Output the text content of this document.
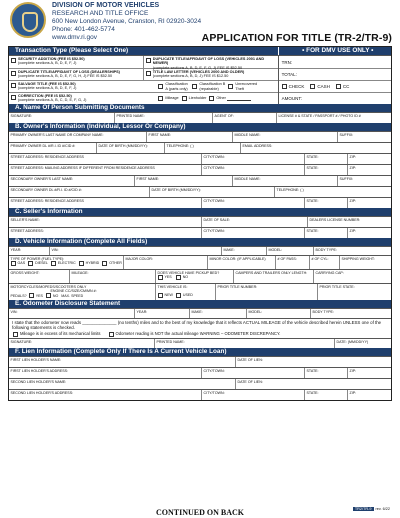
DIVISION OF MOTOR VEHICLES
RESEARCH AND TITLE OFFICE
600 New London Avenue, Cranston, RI 02920-3024
Phone: 401-462-5774
www.dmv.ri.gov	APPLICATION FOR TITLE (TR-2/TR-9)
Transaction Type (Please Select One)	• FOR DMV USE ONLY •
SECURITY ADDITION (FEE IS $52.50)
(complete sections A, B, D, E, F, J)
DUPLICATE TITLE/AFFIDAVIT OF LOSS (VEHICLES 2001 AND NEWER)
(complete sections A, B, D, E, F, G, J) FEE IS $52.50
DUPLICATE TITLE/AFFIDAVIT OF LOSS (DEALERSHIPS)
(complete sections A, B, D, E, F, G, H, J) FEE IS $52.50
TITLE LAW LETTER (VEHICLES 2000 AND OLDER)
(complete sections A, B, D, J) FEE IS $12.50
SALVAGE TITLE (FEE IS $52.50)
(complete sections A, B, D, E, F, J)
Classification A (parts only)
Classification B (repairable)
Unrecovered Theft
CORRECTION (FEE IS $52.50)
(complete sections A, B, C, D, E, F, G, J)	Mileage	Lienholder	Other
TRN:
TOTAL:
CHECK	CASH	CC
AMOUNT:
A. Name Of Person Submitting Documents
SIGNATURE:	PRINTED NAME:	AGENT OF:	LICENSE # & STATE / PASSPORT # / PHOTO ID #
B. Owner's Information (Individual, Lessor Or Company)
PRIMARY OWNER'S LAST NAME OR COMPANY NAME:	FIRST NAME:	MIDDLE NAME:	SUFFIX:
PRIMARY OWNER DL #/R.I. ID #/CID #:	DATE OF BIRTH (MM/DD/YY):	TELEPHONE: ( )	EMAIL ADDRESS:
STREET ADDRESS: RESIDENCE ADDRESS	CITY/TOWN:	STATE:	ZIP:
STREET ADDRESS: MAILING ADDRESS IF DIFFERENT FROM RESIDENCE ADDRESS	CITY/TOWN:	STATE:	ZIP:
SECONDARY OWNER'S LAST NAME:	FIRST NAME:	MIDDLE NAME:	SUFFIX:
SECONDARY OWNER DL #/R.I. ID #/CID #:	DATE OF BIRTH (MM/DD/YY):	TELEPHONE: ( )
STREET ADDRESS: RESIDENCE ADDRESS	CITY/TOWN:	STATE:	ZIP:
C. Seller's Information
SELLER'S NAME:	DATE OF SALE:	DEALERS LICENSE NUMBER:
STREET ADDRESS:	CITY/TOWN:	STATE:	ZIP:
D. Vehicle Information (Complete All Fields)
YEAR:	VIN:	MAKE:	MODEL:	BODY TYPE:
TYPE OF POWER (FUEL TYPE):
GAS	DIESEL	ELECTRIC	HYBRID	OTHER
MAJOR COLOR:	MINOR COLOR: (IF APPLICABLE)	# OF PASS:	# OF CYL:	SHIPPING WEIGHT:
GROSS WEIGHT:	MILEAGE:	DOES VEHICLE HAVE PICKUP BED?
YES
	NO
CAMPERS AND TRAILERS ONLY LENGTH:	CARRYING CAP:
MOTORCYCLES/MOPEDS/SCOOTERS ONLY
ENGINE CC/SIZE/CM/MN #:
PEDALS?	YES	NO MAX. SPEED
THIS VEHICLE IS:
NEW	USED
PRIOR TITLE NUMBER:	PRIOR TITLE STATE:
E. Odometer Disclosure Statement
VIN:	YEAR:	MAKE:	MODEL:	BODY TYPE:
I state that the odometer now reads ______________ (no tenths) miles and to the best of my knowledge that it reflects ACTUAL MILEAGE of the vehicle described herein UNLESS one of the following statements is checked.
Mileage is in excess of its mechanical limits	Odometer reading is NOT the actual mileage WARNING – ODOMETER DISCREPANCY.
SIGNATURE:	PRINTED NAME:	DATE: (MM/DD/YY)
F. Lien Information (Complete Only If There Is A Current Vehicle Loan)
FIRST LIEN HOLDER'S NAME:	DATE OF LIEN:
FIRST LIEN HOLDER'S ADDRESS:	CITY/TOWN:	STATE:	ZIP:
SECOND LIEN HOLDER'S NAME:	DATE OF LIEN:
SECOND LIEN HOLDER'S ADDRESS:	CITY/TOWN:	STATE:	ZIP:
CONTINUED ON BACK	TR2/TR-9	rev. 6/22
